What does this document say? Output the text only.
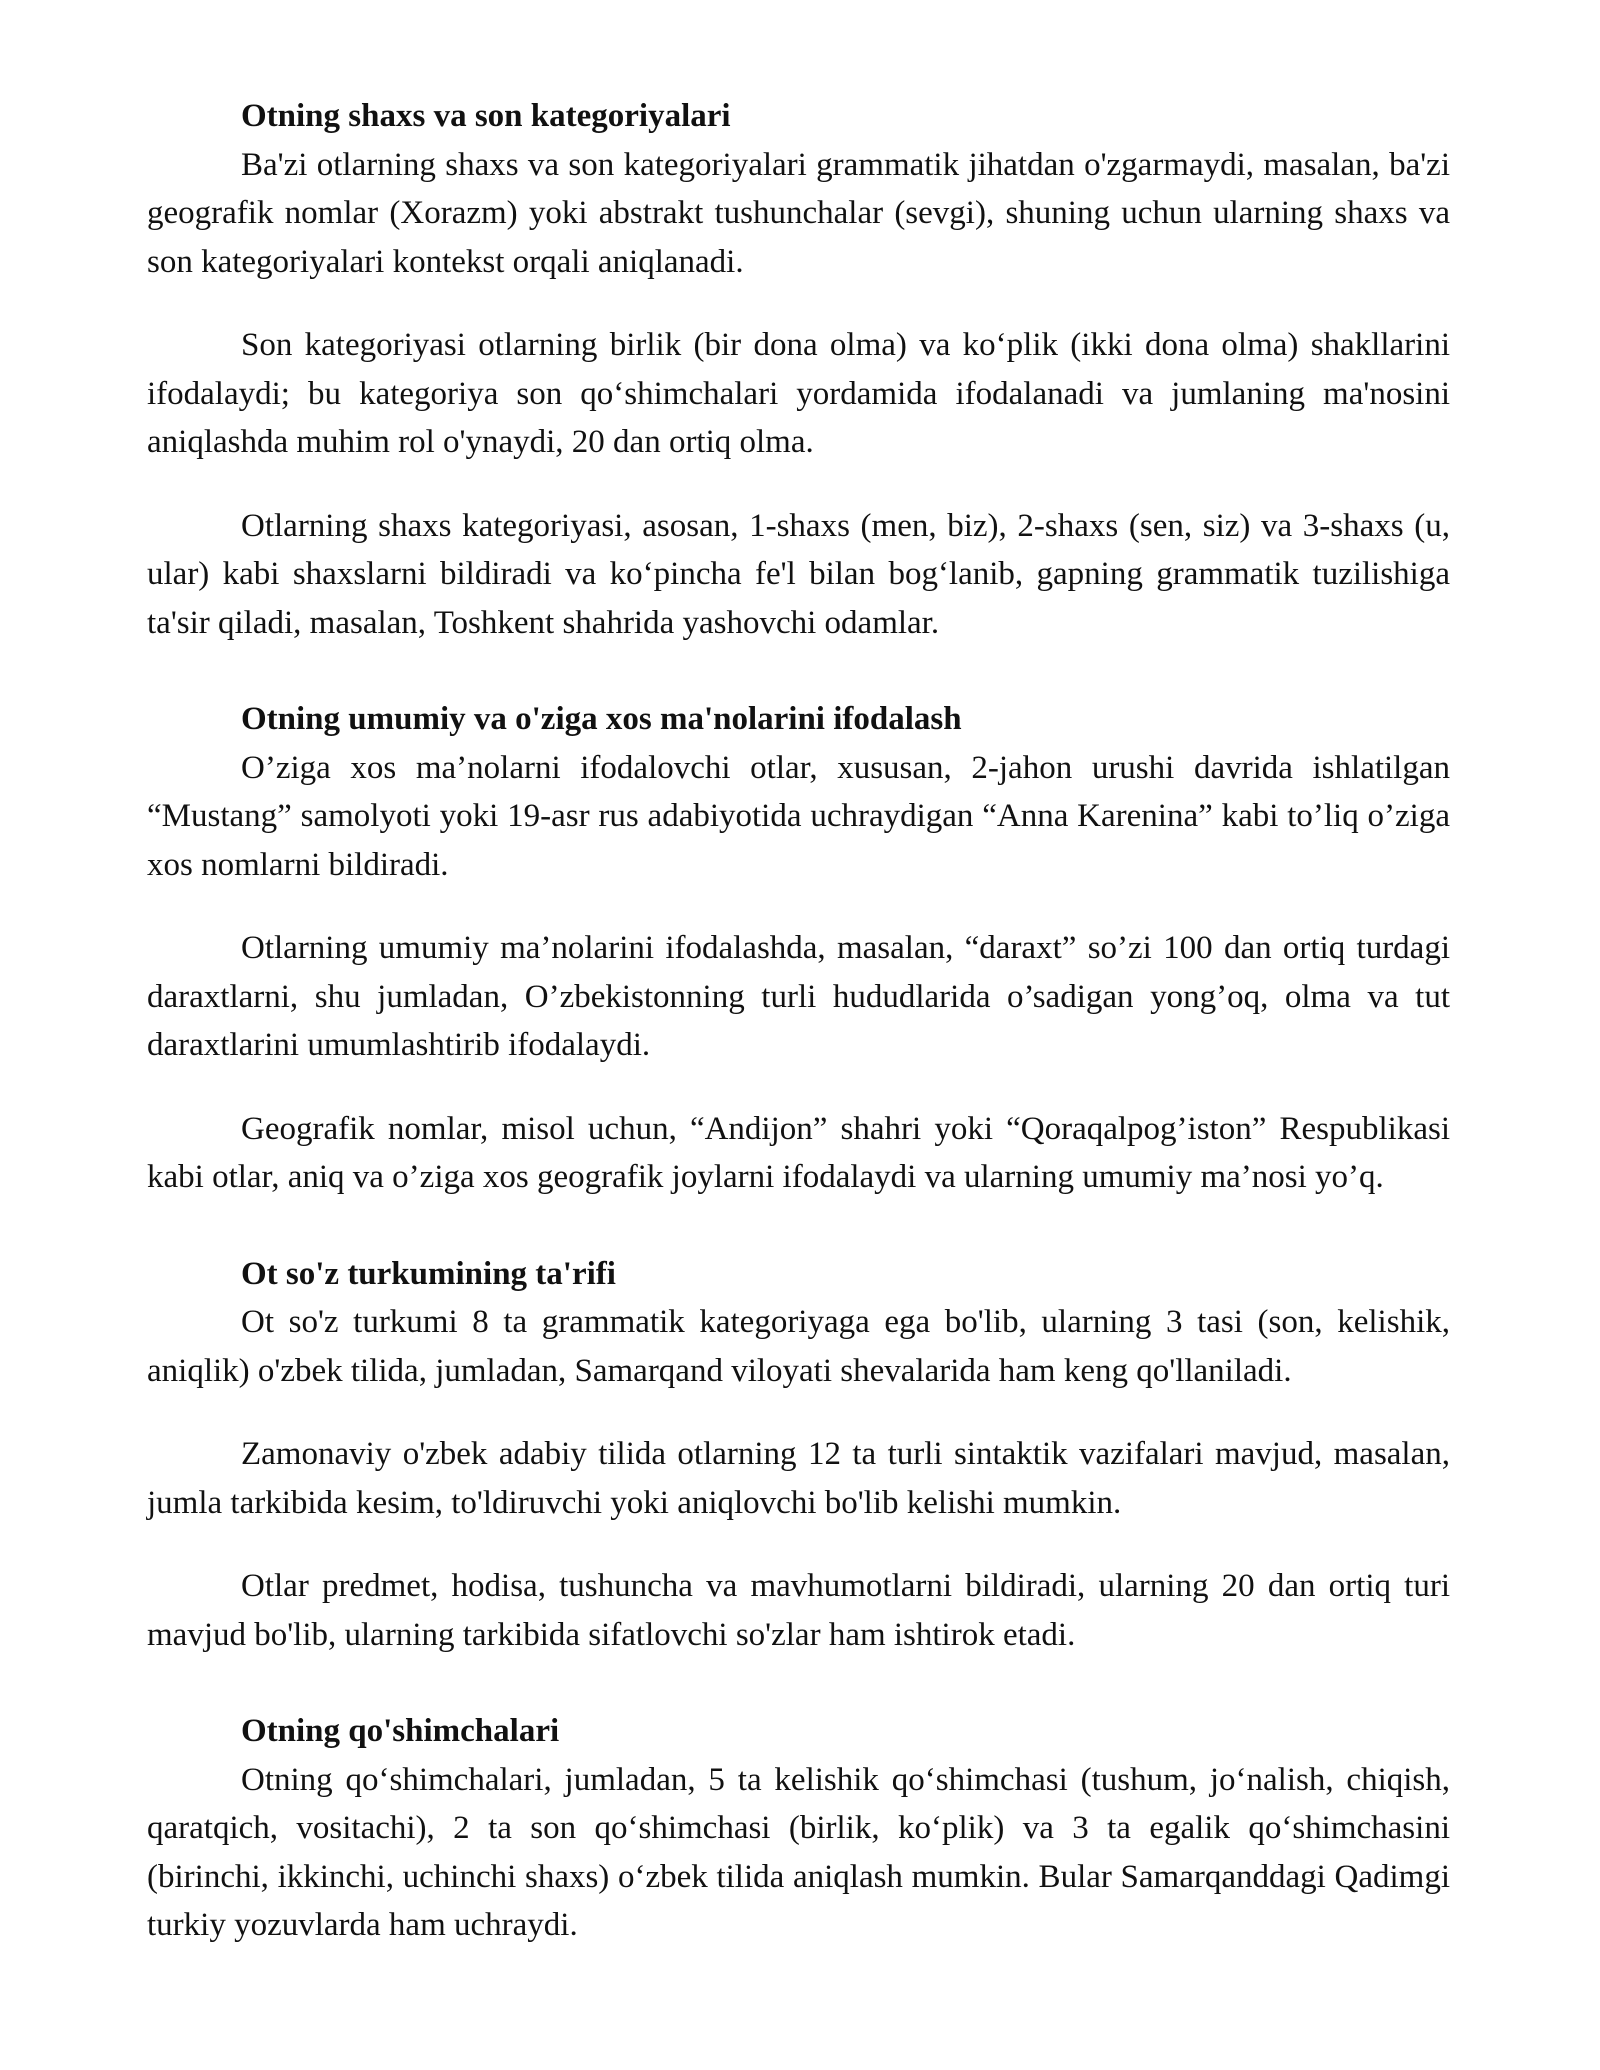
Otning shaxs va son kategoriyalari

Ba'zi otlarning shaxs va son kategoriyalari grammatik jihatdan o'zgarmaydi, masalan, ba'zi geografik nomlar (Xorazm) yoki abstrakt tushunchalar (sevgi), shuning uchun ularning shaxs va son kategoriyalari kontekst orqali aniqlanadi.

Son kategoriyasi otlarning birlik (bir dona olma) va koʻplik (ikki dona olma) shakllarini ifodalaydi; bu kategoriya son qoʻshimchalari yordamida ifodalanadi va jumlaning ma'nosini aniqlashda muhim rol o'ynaydi, 20 dan ortiq olma.

Otlarning shaxs kategoriyasi, asosan, 1-shaxs (men, biz), 2-shaxs (sen, siz) va 3-shaxs (u, ular) kabi shaxslarni bildiradi va koʻpincha fe'l bilan bogʻlanib, gapning grammatik tuzilishiga ta'sir qiladi, masalan, Toshkent shahrida yashovchi odamlar.

Otning umumiy va o'ziga xos ma'nolarini ifodalash

O’ziga xos ma’nolarni ifodalovchi otlar, xususan, 2-jahon urushi davrida ishlatilgan “Mustang” samolyoti yoki 19-asr rus adabiyotida uchraydigan “Anna Karenina” kabi to’liq o’ziga xos nomlarni bildiradi.

Otlarning umumiy ma’nolarini ifodalashda, masalan, “daraxt” so’zi 100 dan ortiq turdagi daraxtlarni, shu jumladan, O’zbekistonning turli hududlarida o’sadigan yong’oq, olma va tut daraxtlarini umumlashtirib ifodalaydi.

Geografik nomlar, misol uchun, “Andijon” shahri yoki “Qoraqalpog’iston” Respublikasi kabi otlar, aniq va o’ziga xos geografik joylarni ifodalaydi va ularning umumiy ma’nosi yo’q.

Ot so'z turkumining ta'rifi

Ot so'z turkumi 8 ta grammatik kategoriyaga ega bo'lib, ularning 3 tasi (son, kelishik, aniqlik) o'zbek tilida, jumladan, Samarqand viloyati shevalarida ham keng qo'llaniladi.

Zamonaviy o'zbek adabiy tilida otlarning 12 ta turli sintaktik vazifalari mavjud, masalan, jumla tarkibida kesim, to'ldiruvchi yoki aniqlovchi bo'lib kelishi mumkin.

Otlar predmet, hodisa, tushuncha va mavhumotlarni bildiradi, ularning 20 dan ortiq turi mavjud bo'lib, ularning tarkibida sifatlovchi so'zlar ham ishtirok etadi.

Otning qo'shimchalari

Otning qoʻshimchalari, jumladan, 5 ta kelishik qoʻshimchasi (tushum, joʻnalish, chiqish, qaratqich, vositachi), 2 ta son qoʻshimchasi (birlik, koʻplik) va 3 ta egalik qoʻshimchasini (birinchi, ikkinchi, uchinchi shaxs) oʻzbek tilida aniqlash mumkin. Bular Samarqanddagi Qadimgi turkiy yozuvlarda ham uchraydi.
